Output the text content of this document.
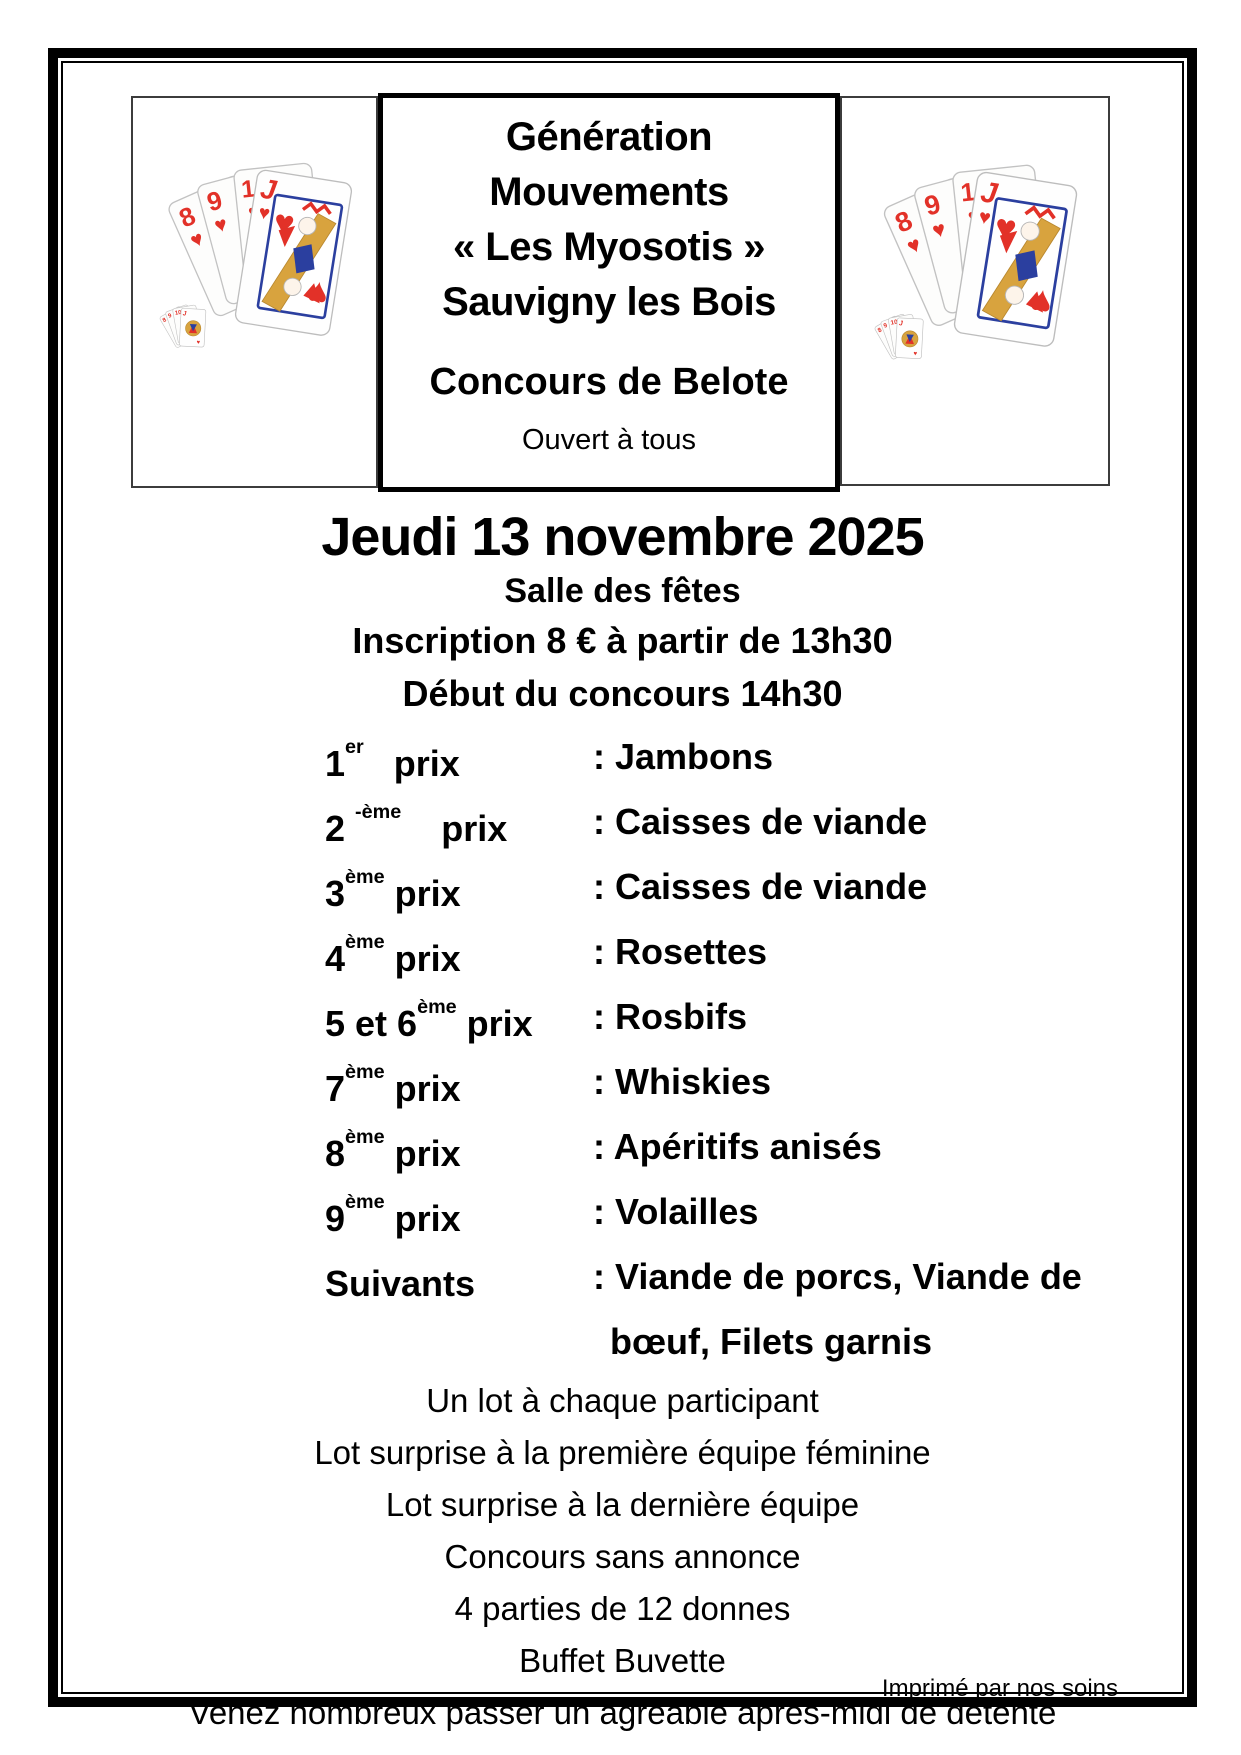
Génération
Mouvements
« Les Myosotis »
Sauvigny les Bois
Concours de Belote
Ouvert à tous
Jeudi 13 novembre 2025
Salle des fêtes
Inscription 8 € à partir de 13h30
Début du concours 14h30
1er   prix	: Jambons
2 $^{-ème}$    prix	: Caisses de viande
3ème prix	: Caisses de viande
4ème prix	: Rosettes
5 et 6ème prix	: Rosbifs
7ème prix	: Whiskies
8ème prix	: Apéritifs anisés
9ème prix	: Volailles
Suivants	: Viande de porcs, Viande de
bœuf, Filets garnis
Un lot à chaque participant
Lot surprise à la première équipe féminine
Lot surprise à la dernière équipe
Concours sans annonce
4 parties de 12 donnes
Buffet Buvette
Venez nombreux passer un agréable après-midi de détente
Imprimé par nos soins
